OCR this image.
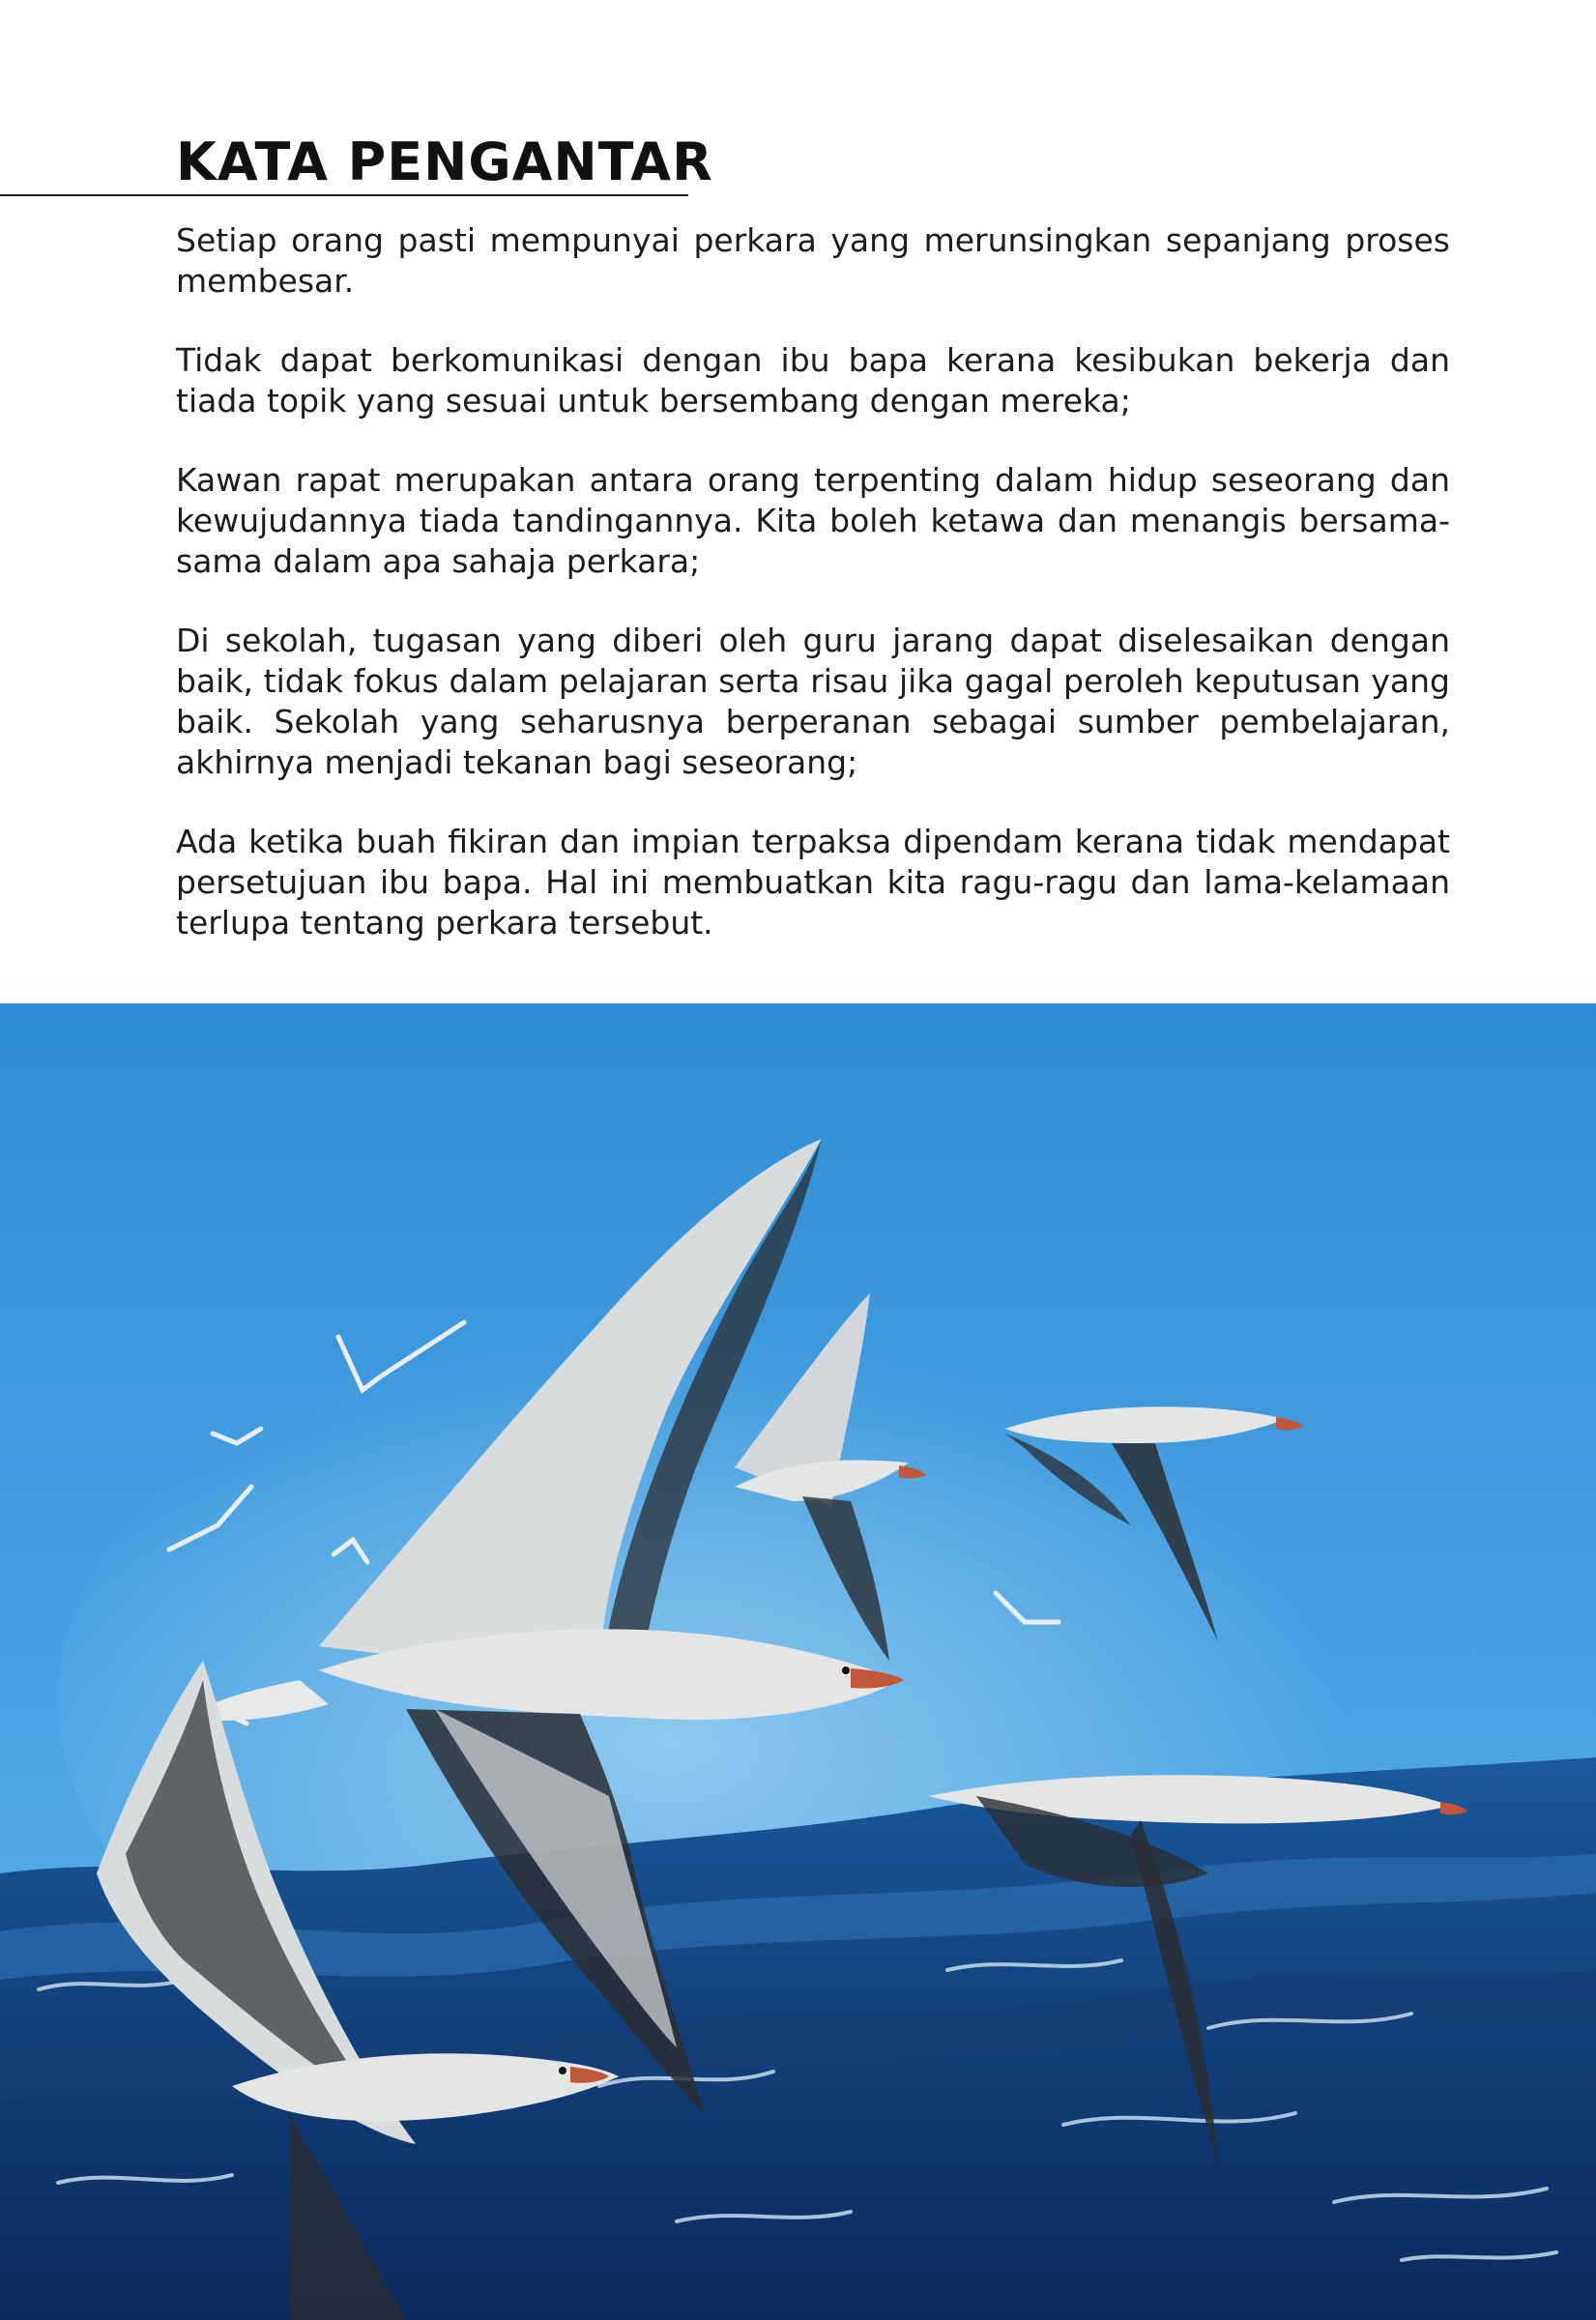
KATA PENGANTAR

Setiap orang pasti mempunyai perkara yang merunsingkan sepanjang proses membesar.

Tidak dapat berkomunikasi dengan ibu bapa kerana kesibukan bekerja dan tiada topik yang sesuai untuk bersembang dengan mereka;

Kawan rapat merupakan antara orang terpenting dalam hidup seseorang dan kewujudannya tiada tandingannya. Kita boleh ketawa dan menangis bersama-sama dalam apa sahaja perkara;

Di sekolah, tugasan yang diberi oleh guru jarang dapat diselesaikan dengan baik, tidak fokus dalam pelajaran serta risau jika gagal peroleh keputusan yang baik. Sekolah yang seharusnya berperanan sebagai sumber pembelajaran, akhirnya menjadi tekanan bagi seseorang;

Ada ketika buah fikiran dan impian terpaksa dipendam kerana tidak mendapat persetujuan ibu bapa. Hal ini membuatkan kita ragu-ragu dan lama-kelamaan terlupa tentang perkara tersebut.
